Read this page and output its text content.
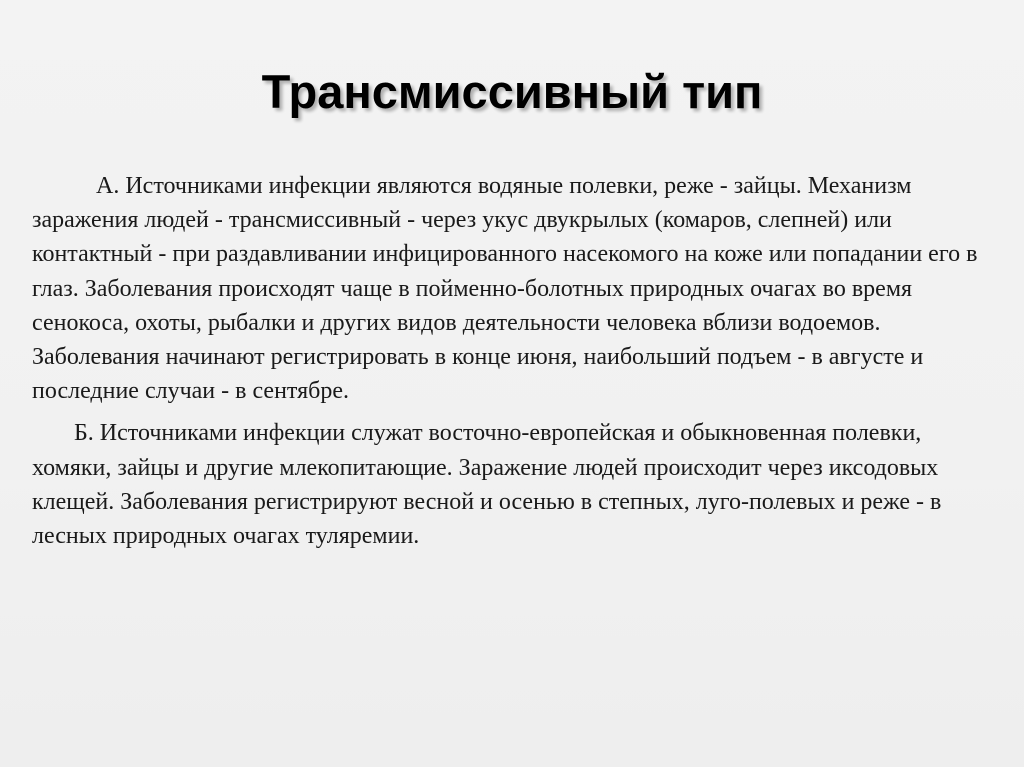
Трансмиссивный тип

А. Источниками инфекции являются водяные полевки, реже - зайцы. Механизм заражения людей - трансмиссивный - через укус двукрылых (комаров, слепней) или контактный - при раздавливании инфицированного насекомого на коже или попадании его в глаз. Заболевания происходят чаще в пойменно-болотных природных очагах во время сенокоса, охоты, рыбалки и других видов деятельности человека вблизи водоемов. Заболевания начинают регистрировать в конце июня, наибольший подъем - в августе и последние случаи - в сентябре.

Б. Источниками инфекции служат восточно-европейская и обыкновенная полевки, хомяки, зайцы и другие млекопитающие. Заражение людей происходит через иксодовых клещей. Заболевания регистрируют весной и осенью в степных, луго-полевых и реже - в лесных природных очагах туляремии.
